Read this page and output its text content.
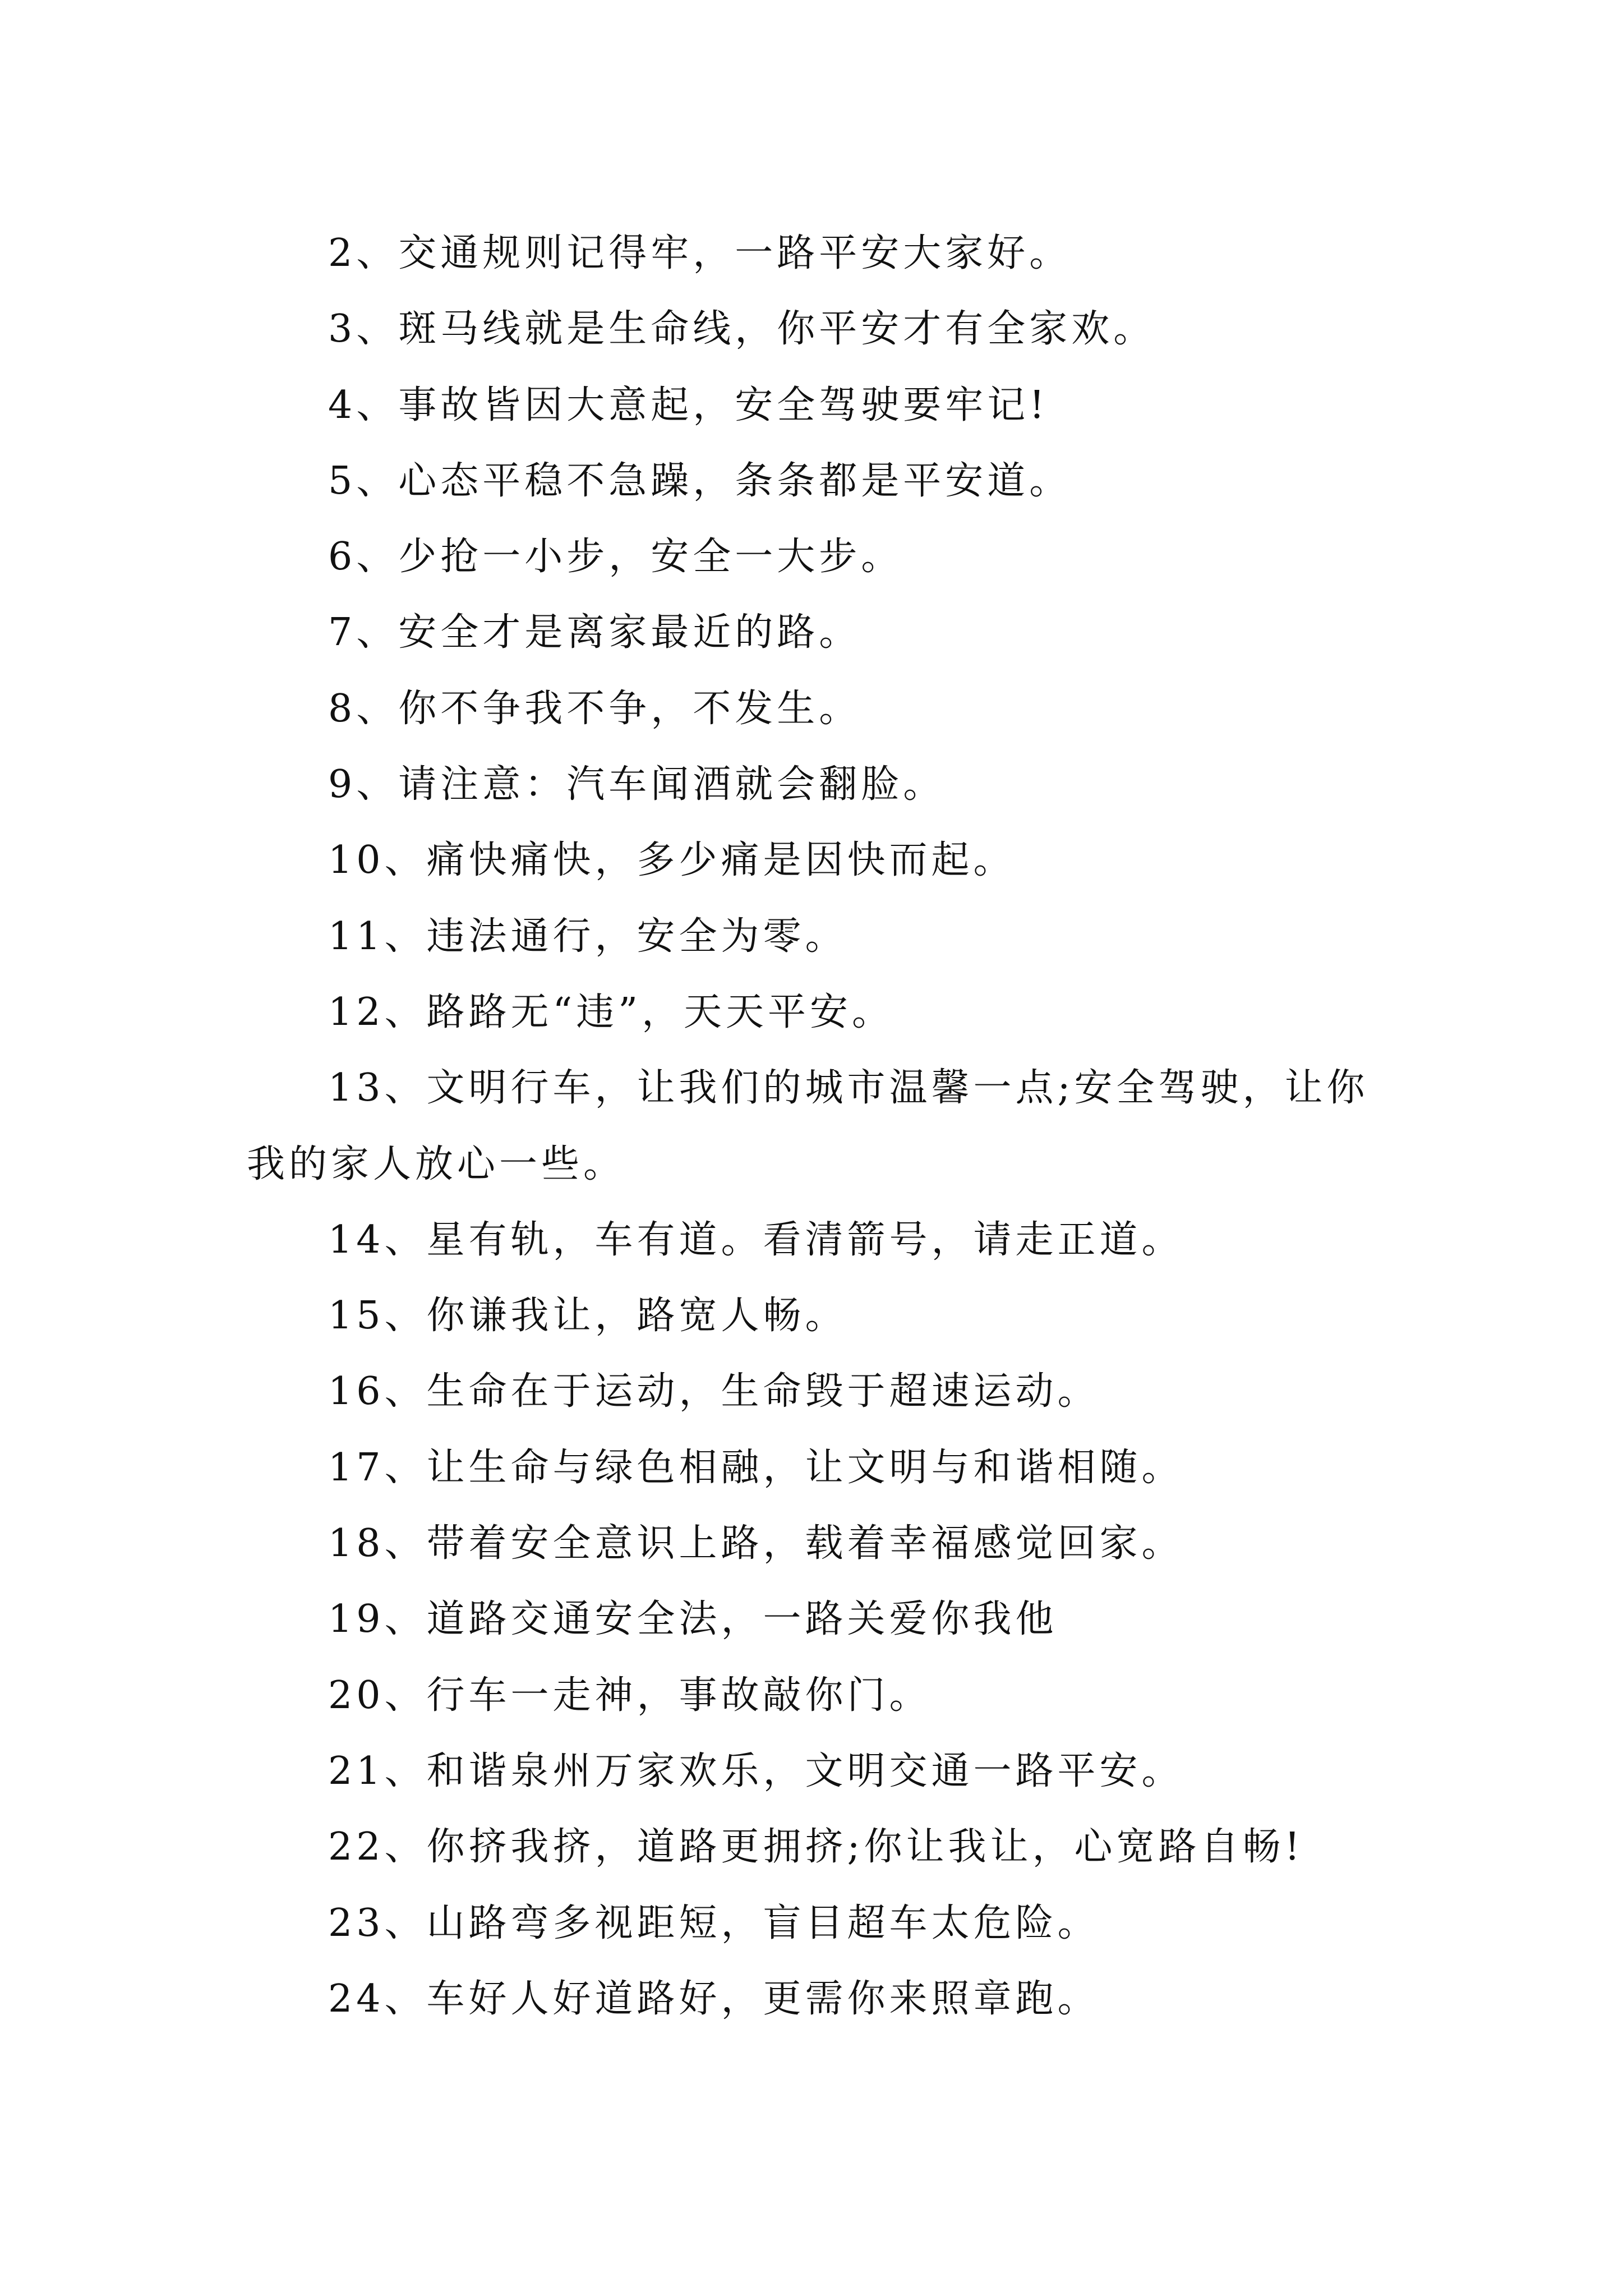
2、交通规则记得牢，一路平安大家好。

3、斑马线就是生命线，你平安才有全家欢。

4、事故皆因大意起，安全驾驶要牢记!

5、心态平稳不急躁，条条都是平安道。

6、少抢一小步，安全一大步。

7、安全才是离家最近的路。

8、你不争我不争，不发生。

9、请注意：汽车闻酒就会翻脸。

10、痛快痛快，多少痛是因快而起。

11、违法通行，安全为零。

12、路路无“违”，天天平安。

13、文明行车，让我们的城市温馨一点;安全驾驶，让你我的家人放心一些。

14、星有轨，车有道。看清箭号，请走正道。

15、你谦我让，路宽人畅。

16、生命在于运动，生命毁于超速运动。

17、让生命与绿色相融，让文明与和谐相随。

18、带着安全意识上路，载着幸福感觉回家。

19、道路交通安全法，一路关爱你我他

20、行车一走神，事故敲你门。

21、和谐泉州万家欢乐，文明交通一路平安。

22、你挤我挤，道路更拥挤;你让我让，心宽路自畅!

23、山路弯多视距短，盲目超车太危险。

24、车好人好道路好，更需你来照章跑。
